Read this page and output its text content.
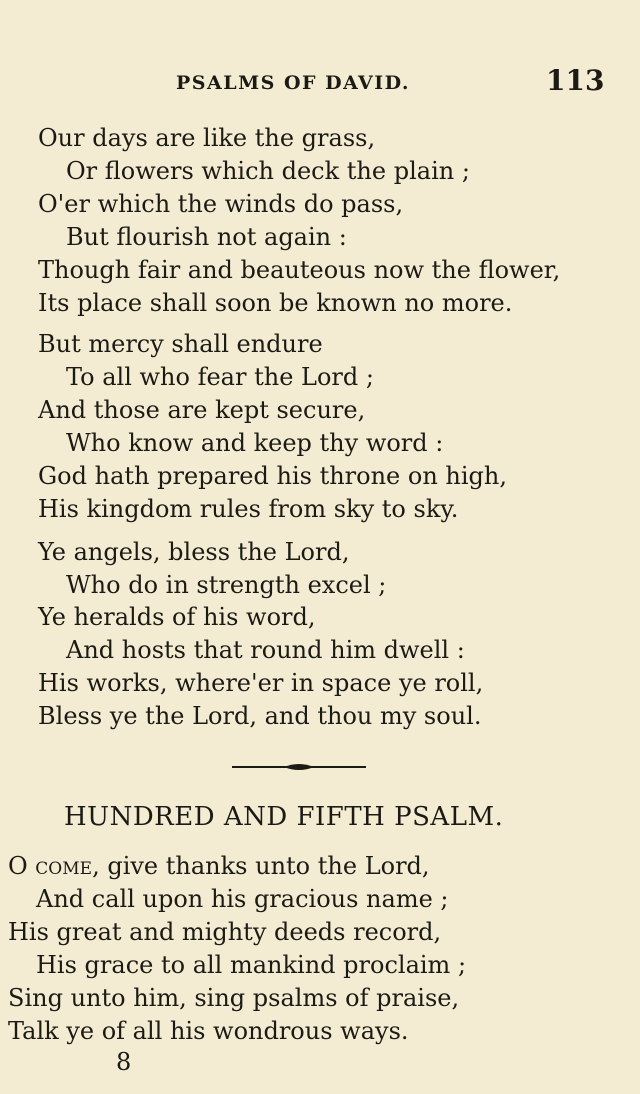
PSALMS OF DAVID.	113
Our days are like the grass,
Or flowers which deck the plain ;
O'er which the winds do pass,
But flourish not again :
Though fair and beauteous now the flower,
Its place shall soon be known no more.
But mercy shall endure
To all who fear the Lord ;
And those are kept secure,
Who know and keep thy word :
God hath prepared his throne on high,
His kingdom rules from sky to sky.
Ye angels, bless the Lord,
Who do in strength excel ;
Ye heralds of his word,
And hosts that round him dwell :
His works, where'er in space ye roll,
Bless ye the Lord, and thou my soul.
HUNDRED AND FIFTH PSALM.
O come, give thanks unto the Lord,
And call upon his gracious name ;
His great and mighty deeds record,
His grace to all mankind proclaim ;
Sing unto him, sing psalms of praise,
Talk ye of all his wondrous ways.
8
